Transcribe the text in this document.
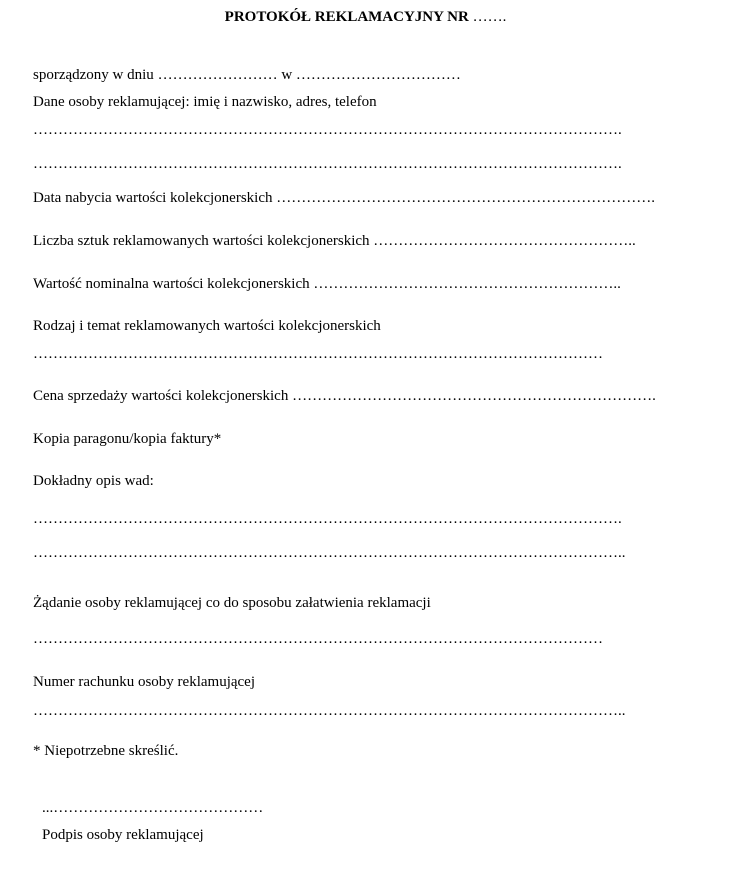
PROTOKÓŁ REKLAMACYJNY NR …….
sporządzony w dniu …………………… w ……………………………
Dane osoby reklamującej: imię i nazwisko, adres, telefon
……………………………………………………………………………………………………….
……………………………………………………………………………………………………….
Data nabycia wartości kolekcjonerskich ………………………………………………………………….
Liczba sztuk reklamowanych wartości kolekcjonerskich ……………………………………………..
Wartość nominalna wartości kolekcjonerskich ……………………………………………………..
Rodzaj i temat reklamowanych wartości kolekcjonerskich
……………………………………………………………………………………………………
Cena sprzedaży wartości kolekcjonerskich ……………………………………………………………….
Kopia paragonu/kopia faktury*
Dokładny opis wad:
……………………………………………………………………………………………………….
………………………………………………………………………………………………………..
Żądanie osoby reklamującej co do sposobu załatwienia reklamacji
……………………………………………………………………………………………………
Numer rachunku osoby reklamującej
………………………………………………………………………………………………………..
* Niepotrzebne skreślić.
...……………………………………
Podpis osoby reklamującej
